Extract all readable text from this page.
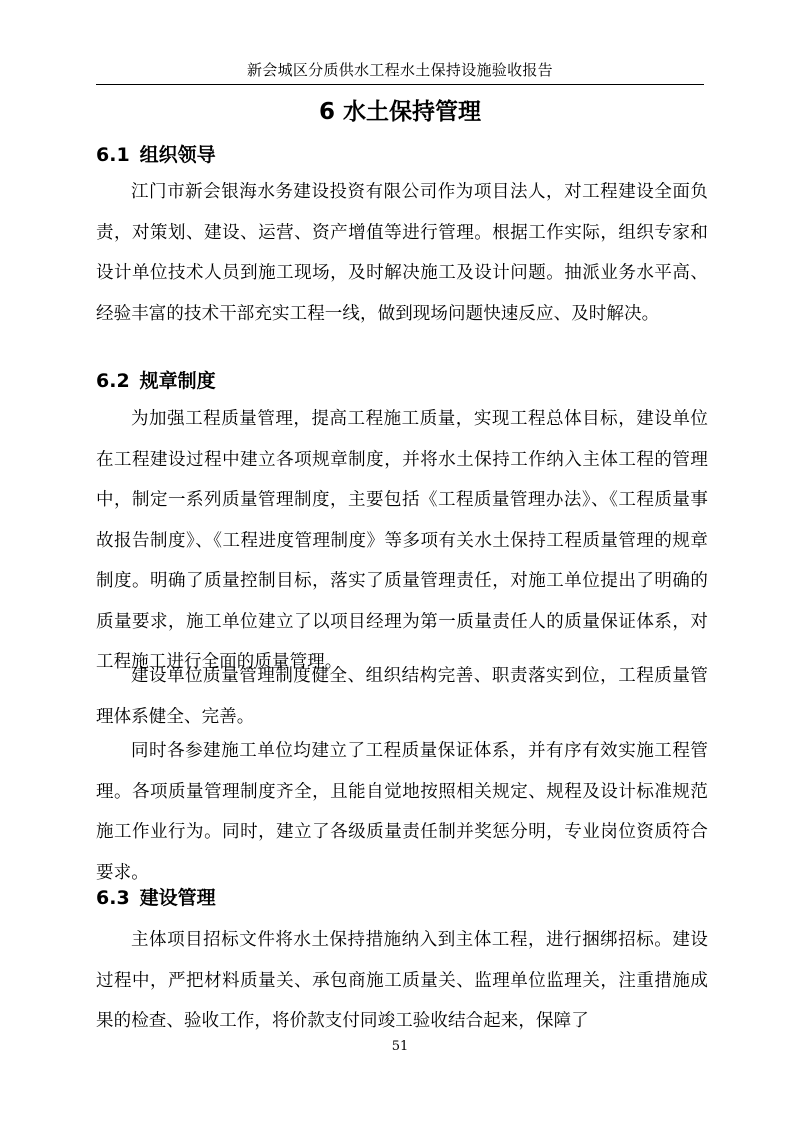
新会城区分质供水工程水土保持设施验收报告
6 水土保持管理
6.1 组织领导

江门市新会银海水务建设投资有限公司作为项目法人，对工程建设全面负责，对策划、建设、运营、资产增值等进行管理。根据工作实际，组织专家和设计单位技术人员到施工现场，及时解决施工及设计问题。抽派业务水平高、经验丰富的技术干部充实工程一线，做到现场问题快速反应、及时解决。

6.2 规章制度

为加强工程质量管理，提高工程施工质量，实现工程总体目标，建设单位在工程建设过程中建立各项规章制度，并将水土保持工作纳入主体工程的管理中，制定一系列质量管理制度，主要包括《工程质量管理办法》、《工程质量事故报告制度》、《工程进度管理制度》等多项有关水土保持工程质量管理的规章制度。明确了质量控制目标，落实了质量管理责任，对施工单位提出了明确的质量要求，施工单位建立了以项目经理为第一质量责任人的质量保证体系，对工程施工进行全面的质量管理。

建设单位质量管理制度健全、组织结构完善、职责落实到位，工程质量管理体系健全、完善。

同时各参建施工单位均建立了工程质量保证体系，并有序有效实施工程管理。各项质量管理制度齐全，且能自觉地按照相关规定、规程及设计标准规范施工作业行为。同时，建立了各级质量责任制并奖惩分明，专业岗位资质符合要求。

6.3 建设管理

主体项目招标文件将水土保持措施纳入到主体工程，进行捆绑招标。建设过程中，严把材料质量关、承包商施工质量关、监理单位监理关，注重措施成果的检查、验收工作，将价款支付同竣工验收结合起来，保障了

51
